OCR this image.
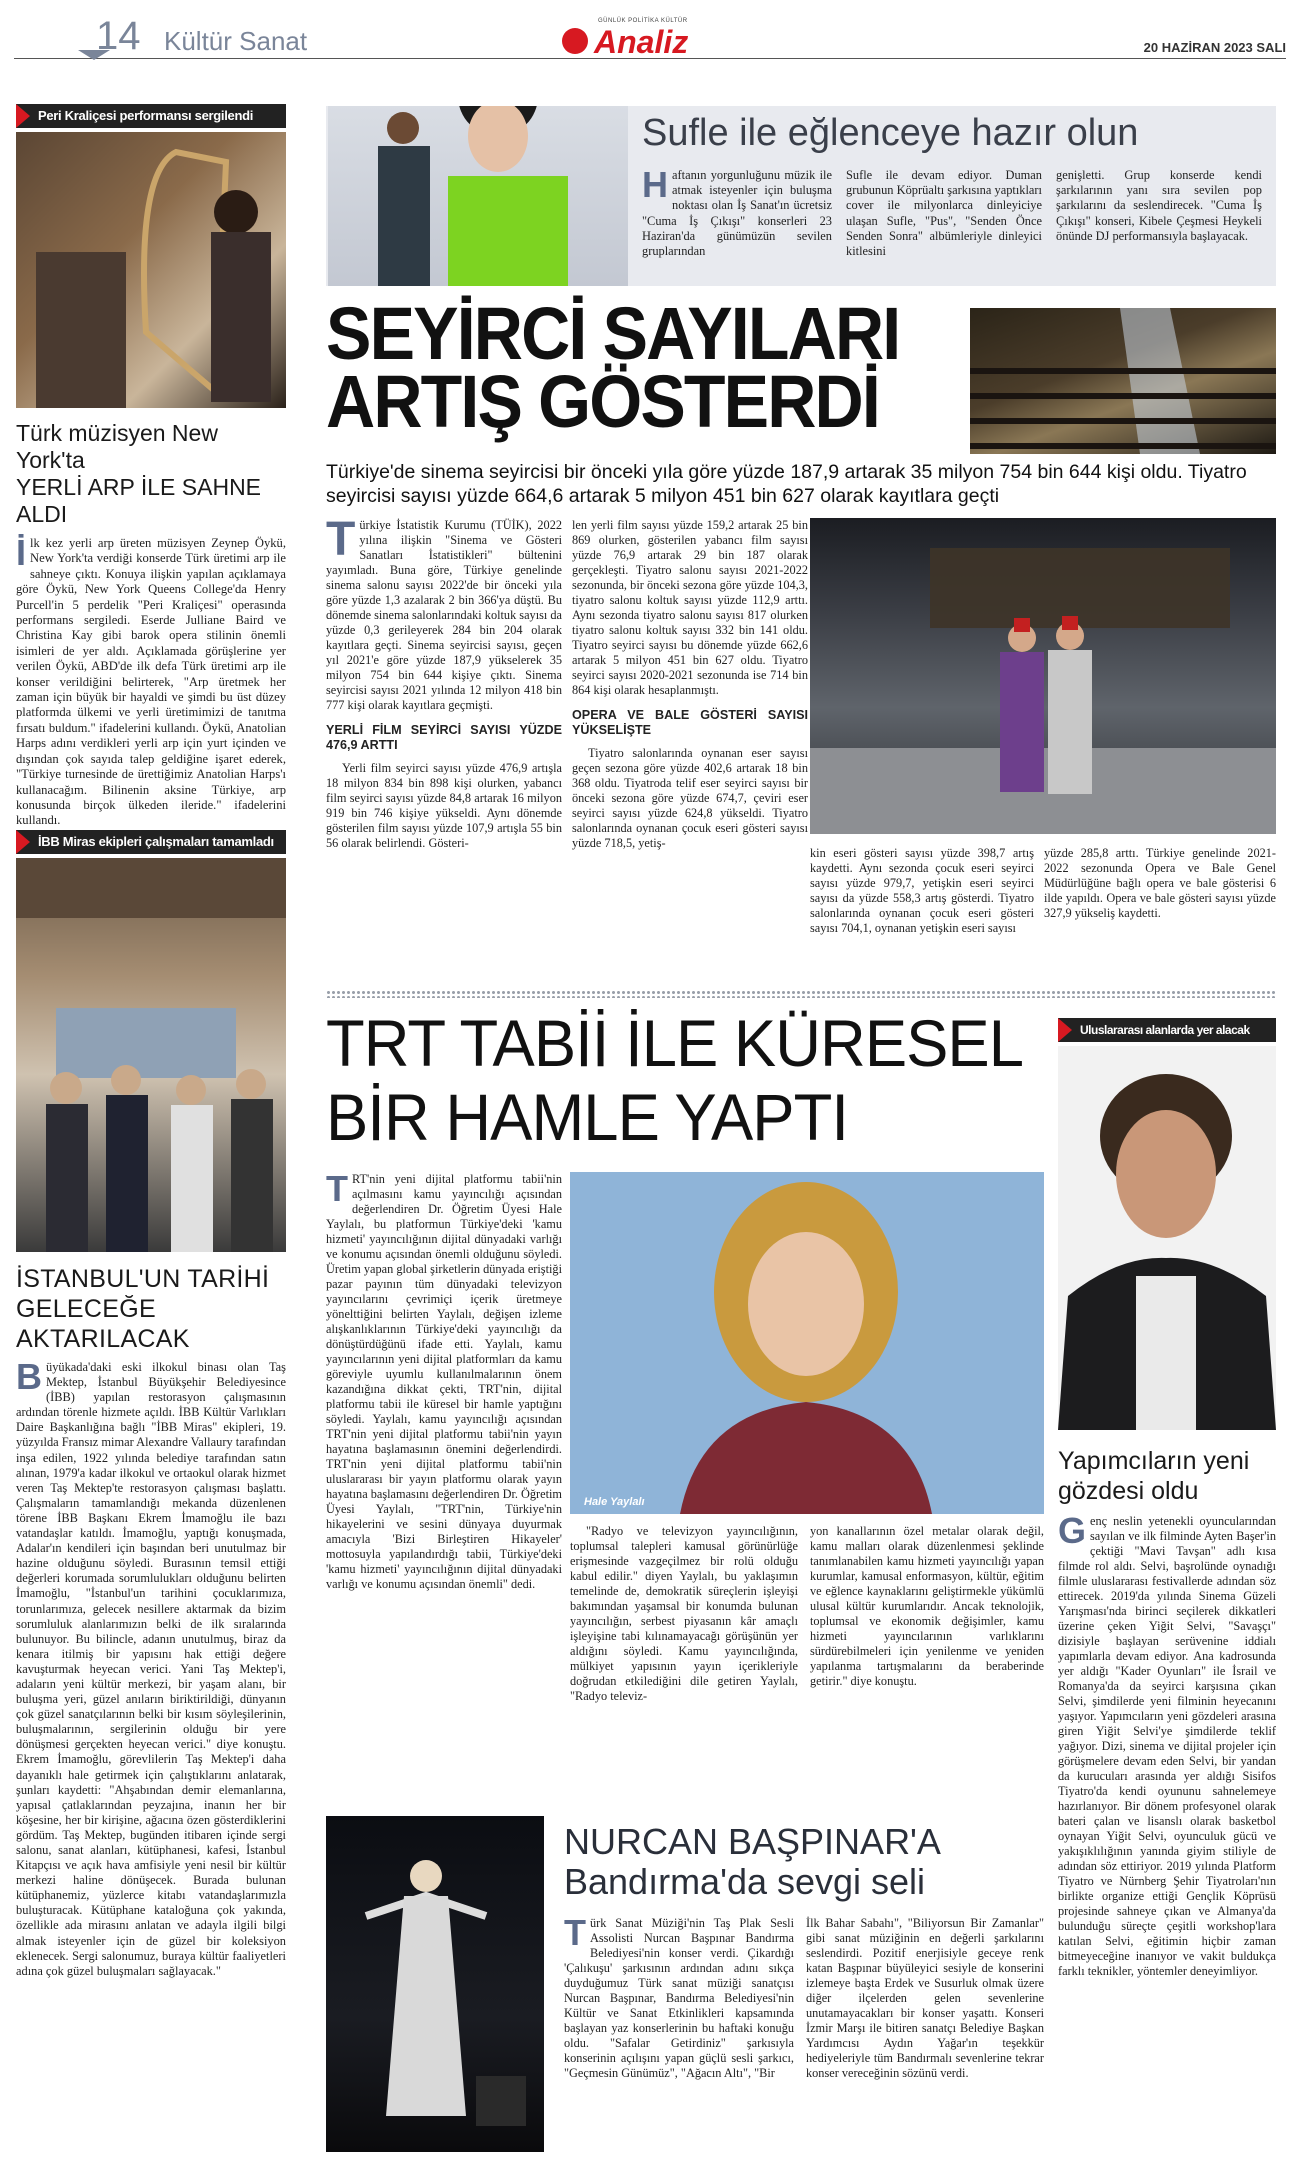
14 Kültür Sanat
GÜNLÜK POLİTİKA KÜLTÜR
Analiz	20 HAZİRAN 2023 SALI
Peri Kraliçesi performansı sergilendi
Türk müzisyen New York'ta
YERLİ ARP İLE SAHNE ALDI
İlk kez yerli arp üreten müzisyen Zeynep Öykü, New York'ta verdiği konserde Türk üretimi arp ile sahneye çıktı. Konuya ilişkin yapılan açıklamaya göre Öykü, New York Queens College'da Henry Purcell'in 5 perdelik "Peri Kraliçesi" operasında performans sergiledi. Eserde Julliane Baird ve Christina Kay gibi barok opera stilinin önemli isimleri de yer aldı. Açıklamada görüşlerine yer verilen Öykü, ABD'de ilk defa Türk üretimi arp ile konser verildiğini belirterek, "Arp üretmek her zaman için büyük bir hayaldi ve şimdi bu üst düzey platformda ülkemi ve yerli üretimimizi de tanıtma fırsatı buldum." ifadelerini kullandı. Öykü, Anatolian Harps adını verdikleri yerli arp için yurt içinden ve dışından çok sayıda talep geldiğine işaret ederek, "Türkiye turnesinde de ürettiğimiz Anatolian Harps'ı kullanacağım. Bilinenin aksine Türkiye, arp konusunda birçok ülkeden ileride." ifadelerini kullandı.
İBB Miras ekipleri çalışmaları tamamladı
İSTANBUL'UN TARİHİ
GELECEĞE AKTARILACAK
Büyükada'daki eski ilkokul binası olan Taş Mektep, İstanbul Büyükşehir Belediyesince (İBB) yapılan restorasyon çalışmasının ardından törenle hizmete açıldı. İBB Kültür Varlıkları Daire Başkanlığına bağlı "İBB Miras" ekipleri, 19. yüzyılda Fransız mimar Alexandre Vallaury tarafından inşa edilen, 1922 yılında belediye tarafından satın alınan, 1979'a kadar ilkokul ve ortaokul olarak hizmet veren Taş Mektep'te restorasyon çalışması başlattı. Çalışmaların tamamlandığı mekanda düzenlenen törene İBB Başkanı Ekrem İmamoğlu ile bazı vatandaşlar katıldı. İmamoğlu, yaptığı konuşmada, Adalar'ın kendileri için başından beri unutulmaz bir hazine olduğunu söyledi. Burasının temsil ettiği değerleri korumada sorumlulukları olduğunu belirten İmamoğlu, "İstanbul'un tarihini çocuklarımıza, torunlarımıza, gelecek nesillere aktarmak da bizim sorumluluk alanlarımızın belki de ilk sıralarında bulunuyor. Bu bilincle, adanın unutulmuş, biraz da kenara itilmiş bir yapısını hak ettiği değere kavuşturmak heyecan verici. Yani Taş Mektep'i, adaların yeni kültür merkezi, bir yaşam alanı, bir buluşma yeri, güzel anıların biriktirildiği, dünyanın çok güzel sanatçılarının belki bir kısım söyleşilerinin, buluşmalarının, sergilerinin olduğu bir yere dönüşmesi gerçekten heyecan verici." diye konuştu. Ekrem İmamoğlu, görevlilerin Taş Mektep'i daha dayanıklı hale getirmek için çalıştıklarını anlatarak, şunları kaydetti: "Ahşabından demir elemanlarına, yapısal çatlaklarından peyzajına, inanın her bir köşesine, her bir kirişine, ağacına özen gösterdiklerini gördüm. Taş Mektep, bugünden itibaren içinde sergi salonu, sanat alanları, kütüphanesi, kafesi, İstanbul Kitapçısı ve açık hava amfisiyle yeni nesil bir kültür merkezi haline dönüşecek. Burada bulunan kütüphanemiz, yüzlerce kitabı vatandaşlarımızla buluşturacak. Kütüphane kataloğuna çok yakında, özellikle ada mirasını anlatan ve adayla ilgili bilgi almak isteyenler için de güzel bir koleksiyon eklenecek. Sergi salonumuz, buraya kültür faaliyetleri adına çok güzel buluşmaları sağlayacak."
Sufle ile eğlenceye hazır olun
Haftanın yorgunluğunu müzik ile atmak isteyenler için buluşma noktası olan İş Sanat'ın ücretsiz "Cuma İş Çıkışı" konserleri 23 Haziran'da günümüzün sevilen gruplarından
Sufle ile devam ediyor. Duman grubunun Köprüaltı şarkısına yaptıkları cover ile milyonlarca dinleyiciye ulaşan Sufle, "Pus", "Senden Önce Senden Sonra" albümleriyle dinleyici kitlesini
genişletti. Grup konserde kendi şarkılarının yanı sıra sevilen pop şarkılarını da seslendirecek. "Cuma İş Çıkışı" konseri, Kibele Çeşmesi Heykeli önünde DJ performansıyla başlayacak.
SEYİRCİ SAYILARI
ARTIŞ GÖSTERDİ
Türkiye'de sinema seyircisi bir önceki yıla göre yüzde 187,9 artarak 35 milyon 754 bin 644 kişi oldu. Tiyatro seyircisi sayısı yüzde 664,6 artarak 5 milyon 451 bin 627 olarak kayıtlara geçti
Türkiye İstatistik Kurumu (TÜİK), 2022 yılına ilişkin "Sinema ve Gösteri Sanatları İstatistikleri" bültenini yayımladı. Buna göre, Türkiye genelinde sinema salonu sayısı 2022'de bir önceki yıla göre yüzde 1,3 azalarak 2 bin 366'ya düştü. Bu dönemde sinema salonlarındaki koltuk sayısı da yüzde 0,3 gerileyerek 284 bin 204 olarak kayıtlara geçti. Sinema seyircisi sayısı, geçen yıl 2021'e göre yüzde 187,9 yükselerek 35 milyon 754 bin 644 kişiye çıktı. Sinema seyircisi sayısı 2021 yılında 12 milyon 418 bin 777 kişi olarak kayıtlara geçmişti.
YERLİ FİLM SEYİRCİ SAYISI YÜZDE 476,9 ARTTI
Yerli film seyirci sayısı yüzde 476,9 artışla 18 milyon 834 bin 898 kişi olurken, yabancı film seyirci sayısı yüzde 84,8 artarak 16 milyon 919 bin 746 kişiye yükseldi. Aynı dönemde gösterilen film sayısı yüzde 107,9 artışla 55 bin 56 olarak belirlendi. Gösteri-
len yerli film sayısı yüzde 159,2 artarak 25 bin 869 olurken, gösterilen yabancı film sayısı yüzde 76,9 artarak 29 bin 187 olarak gerçekleşti. Tiyatro salonu sayısı 2021-2022 sezonunda, bir önceki sezona göre yüzde 104,3, tiyatro salonu koltuk sayısı yüzde 112,9 arttı. Aynı sezonda tiyatro salonu sayısı 817 olurken tiyatro salonu koltuk sayısı 332 bin 141 oldu. Tiyatro seyirci sayısı bu dönemde yüzde 662,6 artarak 5 milyon 451 bin 627 oldu. Tiyatro seyirci sayısı 2020-2021 sezonunda ise 714 bin 864 kişi olarak hesaplanmıştı.
OPERA VE BALE GÖSTERİ SAYISI YÜKSELİŞTE
Tiyatro salonlarında oynanan eser sayısı geçen sezona göre yüzde 402,6 artarak 18 bin 368 oldu. Tiyatroda telif eser seyirci sayısı bir önceki sezona göre yüzde 674,7, çeviri eser seyirci sayısı yüzde 624,8 yükseldi. Tiyatro salonlarında oynanan çocuk eseri gösteri sayısı yüzde 718,5, yetiş-
kin eseri gösteri sayısı yüzde 398,7 artış kaydetti. Aynı sezonda çocuk eseri seyirci sayısı yüzde 979,7, yetişkin eseri seyirci sayısı da yüzde 558,3 artış gösterdi. Tiyatro salonlarında oynanan çocuk eseri gösteri sayısı 704,1, oynanan yetişkin eseri sayısı
yüzde 285,8 arttı. Türkiye genelinde 2021-2022 sezonunda Opera ve Bale Genel Müdürlüğüne bağlı opera ve bale gösterisi 6 ilde yapıldı. Opera ve bale gösteri sayısı yüzde 327,9 yükseliş kaydetti.
TRT TABİİ İLE KÜRESEL
BİR HAMLE YAPTI
TRT'nin yeni dijital platformu tabii'nin açılmasını kamu yayıncılığı açısından değerlendiren Dr. Öğretim Üyesi Hale Yaylalı, bu platformun Türkiye'deki 'kamu hizmeti' yayıncılığının dijital dünyadaki varlığı ve konumu açısından önemli olduğunu söyledi. Üretim yapan global şirketlerin dünyada eriştiği pazar payının tüm dünyadaki televizyon yayıncılarını çevrimiçi içerik üretmeye yönelttiğini belirten Yaylalı, değişen izleme alışkanlıklarının Türkiye'deki yayıncılığı da dönüştürdüğünü ifade etti. Yaylalı, kamu yayıncılarının yeni dijital platformları da kamu göreviyle uyumlu kullanılmalarının önem kazandığına dikkat çekti, TRT'nin, dijital platformu tabii ile küresel bir hamle yaptığını söyledi. Yaylalı, kamu yayıncılığı açısından TRT'nin yeni dijital platformu tabii'nin yayın hayatına başlamasının önemini değerlendirdi. TRT'nin yeni dijital platformu tabii'nin uluslararası bir yayın platformu olarak yayın hayatına başlamasını değerlendiren Dr. Öğretim Üyesi Yaylalı, "TRT'nin, Türkiye'nin hikayelerini ve sesini dünyaya duyurmak amacıyla 'Bizi Birleştiren Hikayeler' mottosuyla yapılandırdığı tabii, Türkiye'deki 'kamu hizmeti' yayıncılığının dijital dünyadaki varlığı ve konumu açısından önemli" dedi.
Hale Yaylalı
"Radyo ve televizyon yayıncılığının, toplumsal talepleri kamusal görünürlüğe erişmesinde vazgeçilmez bir rolü olduğu kabul edilir." diyen Yaylalı, bu yaklaşımın temelinde de, demokratik süreçlerin işleyişi bakımından yaşamsal bir konumda bulunan yayıncılığın, serbest piyasanın kâr amaçlı işleyişine tabi kılınamayacağı görüşünün yer aldığını söyledi. Kamu yayıncılığında, mülkiyet yapısının yayın içerikleriyle doğrudan etkilediğini dile getiren Yaylalı, "Radyo televiz-
yon kanallarının özel metalar olarak değil, kamu malları olarak düzenlenmesi şeklinde tanımlanabilen kamu hizmeti yayıncılığı yapan kurumlar, kamusal enformasyon, kültür, eğitim ve eğlence kaynaklarını geliştirmekle yükümlü ulusal kültür kurumlarıdır. Ancak teknolojik, toplumsal ve ekonomik değişimler, kamu hizmeti yayıncılarının varlıklarını sürdürebilmeleri için yenilenme ve yeniden yapılanma tartışmalarını da beraberinde getirir." diye konuştu.
Uluslararası alanlarda yer alacak
Yapımcıların yeni
gözdesi oldu
Genç neslin yetenekli oyuncularından sayılan ve ilk filminde Ayten Başer'in çektiği "Mavi Tavşan" adlı kısa filmde rol aldı. Selvi, başrolünde oynadığı filmle uluslararası festivallerde adından söz ettirecek. 2019'da yılında Sinema Güzeli Yarışması'nda birinci seçilerek dikkatleri üzerine çeken Yiğit Selvi, "Savaşçı" dizisiyle başlayan serüvenine iddialı yapımlarla devam ediyor. Ana kadrosunda yer aldığı "Kader Oyunları" ile İsrail ve Romanya'da da seyirci karşısına çıkan Selvi, şimdilerde yeni filminin heyecanını yaşıyor. Yapımcıların yeni gözdeleri arasına giren Yiğit Selvi'ye şimdilerde teklif yağıyor. Dizi, sinema ve dijital projeler için görüşmelere devam eden Selvi, bir yandan da kurucuları arasında yer aldığı Sisifos Tiyatro'da kendi oyununu sahnelemeye hazırlanıyor. Bir dönem profesyonel olarak bateri çalan ve lisanslı olarak basketbol oynayan Yiğit Selvi, oyunculuk gücü ve yakışıklılığının yanında giyim stiliyle de adından söz ettiriyor. 2019 yılında Platform Tiyatro ve Nürnberg Şehir Tiyatroları'nın birlikte organize ettiği Gençlik Köprüsü projesinde sahneye çıkan ve Almanya'da bulunduğu süreçte çeşitli workshop'lara katılan Selvi, eğitimin hiçbir zaman bitmeyeceğine inanıyor ve vakit buldukça farklı teknikler, yöntemler deneyimliyor.
NURCAN BAŞPINAR'A
Bandırma'da sevgi seli
Türk Sanat Müziği'nin Taş Plak Sesli Assolisti Nurcan Başpınar Bandırma Belediyesi'nin konser verdi. Çikardığı 'Çalıkuşu' şarkısının ardından adını sıkça duyduğumuz Türk sanat müziği sanatçısı Nurcan Başpınar, Bandırma Belediyesi'nin Kültür ve Sanat Etkinlikleri kapsamında başlayan yaz konserlerinin bu haftaki konuğu oldu. "Safalar Getirdiniz" şarkısıyla konserinin açılışını yapan güçlü sesli şarkıcı, "Geçmesin Günümüz", "Ağacın Altı", "Bir
İlk Bahar Sabahı", "Biliyorsun Bir Zamanlar" gibi sanat müziğinin en değerli şarkılarını seslendirdi. Pozitif enerjisiyle geceye renk katan Başpınar büyüleyici sesiyle de konserini izlemeye başta Erdek ve Susurluk olmak üzere diğer ilçelerden gelen sevenlerine unutamayacakları bir konser yaşattı. Konseri İzmir Marşı ile bitiren sanatçı Belediye Başkan Yardımcısı Aydın Yağar'ın teşekkür hediyeleriyle tüm Bandırmalı sevenlerine tekrar konser vereceğinin sözünü verdi.
